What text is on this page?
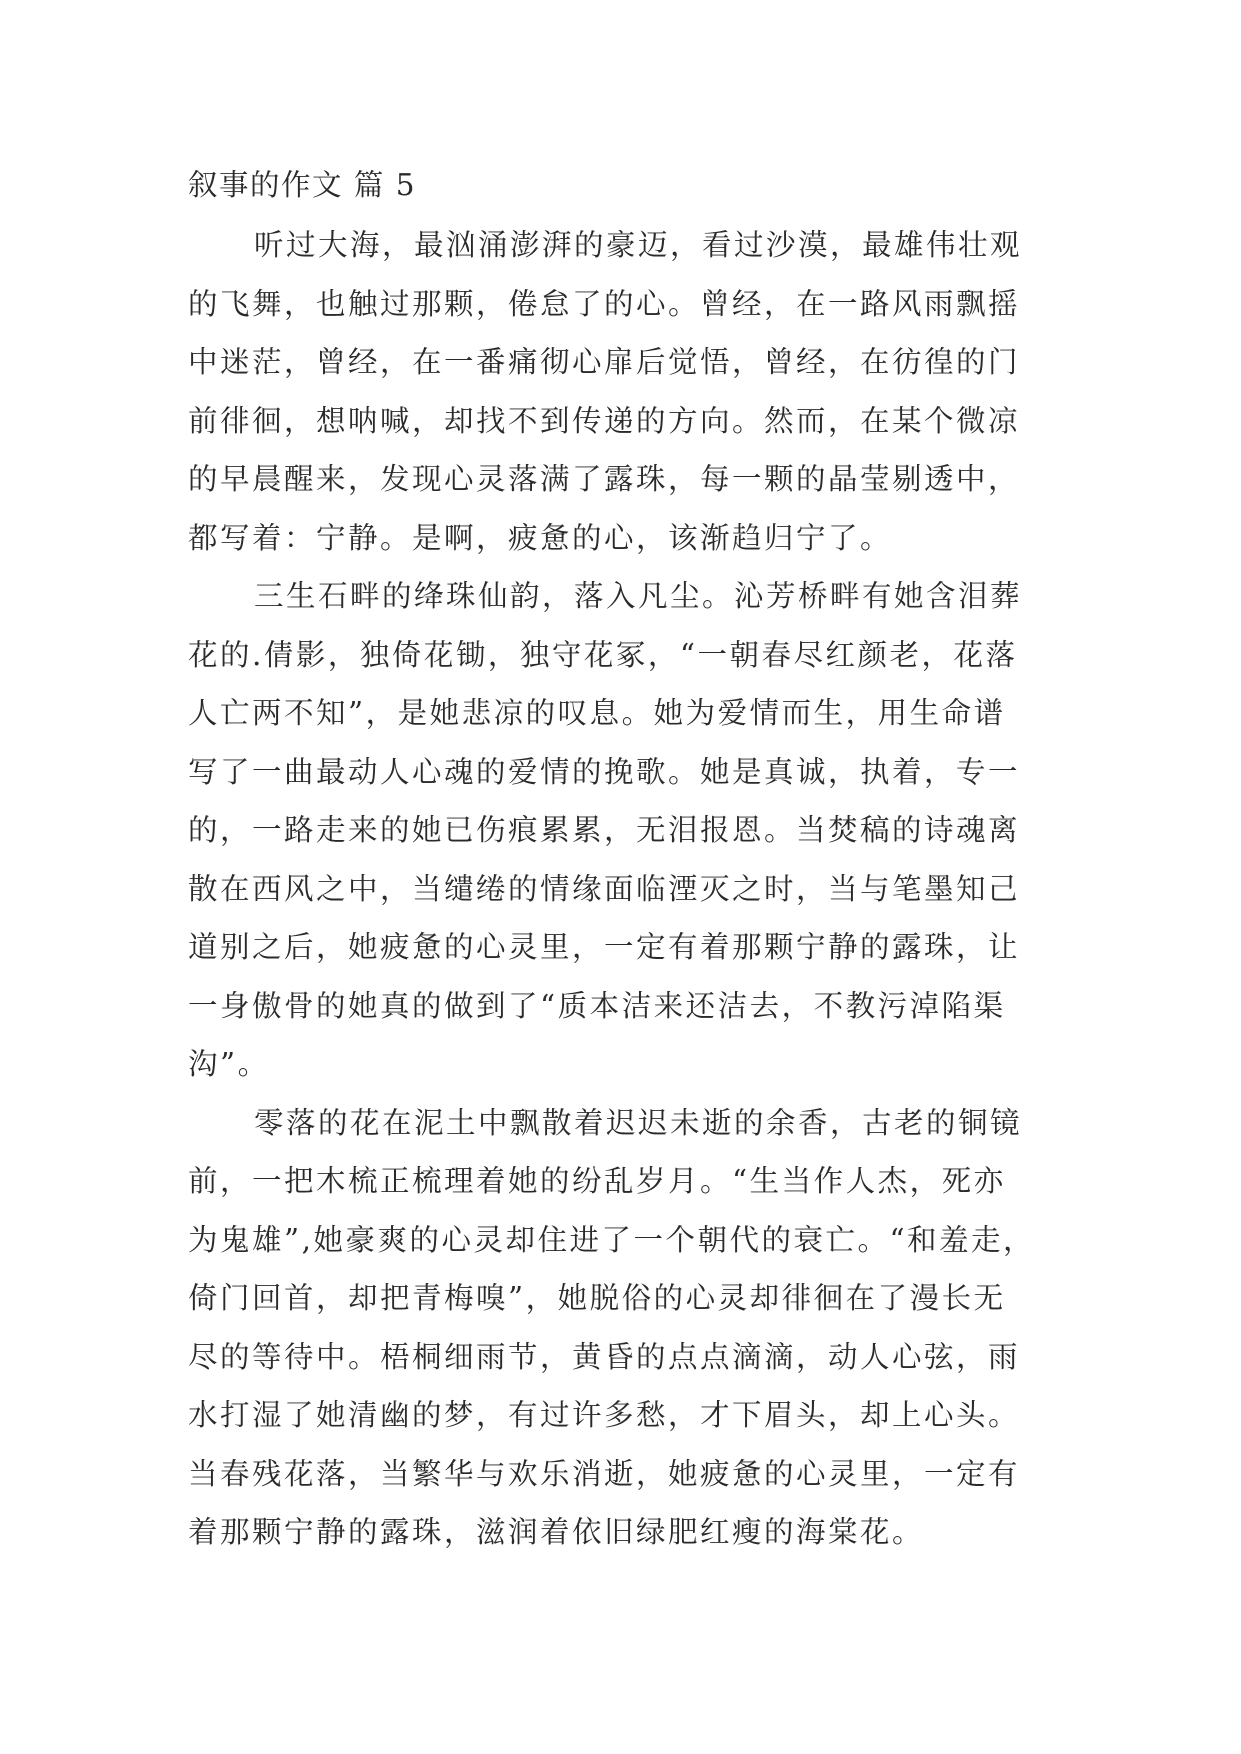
叙事的作文 篇 5
听过大海，最汹涌澎湃的豪迈，看过沙漠，最雄伟壮观
的飞舞，也触过那颗，倦怠了的心。曾经，在一路风雨飘摇
中迷茫，曾经，在一番痛彻心扉后觉悟，曾经，在彷徨的门
前徘徊，想呐喊，却找不到传递的方向。然而，在某个微凉
的早晨醒来，发现心灵落满了露珠，每一颗的晶莹剔透中，
都写着：宁静。是啊，疲惫的心，该渐趋归宁了。
三生石畔的绛珠仙韵，落入凡尘。沁芳桥畔有她含泪葬
花的.倩影，独倚花锄，独守花冢，“一朝春尽红颜老，花落
人亡两不知”，是她悲凉的叹息。她为爱情而生，用生命谱
写了一曲最动人心魂的爱情的挽歌。她是真诚，执着，专一
的，一路走来的她已伤痕累累，无泪报恩。当焚稿的诗魂离
散在西风之中，当缱绻的情缘面临湮灭之时，当与笔墨知己
道别之后，她疲惫的心灵里，一定有着那颗宁静的露珠，让
一身傲骨的她真的做到了“质本洁来还洁去，不教污淖陷渠
沟”。
零落的花在泥土中飘散着迟迟未逝的余香，古老的铜镜
前，一把木梳正梳理着她的纷乱岁月。“生当作人杰，死亦
为鬼雄”,她豪爽的心灵却住进了一个朝代的衰亡。“和羞走，
倚门回首，却把青梅嗅”，她脱俗的心灵却徘徊在了漫长无
尽的等待中。梧桐细雨节，黄昏的点点滴滴，动人心弦，雨
水打湿了她清幽的梦，有过许多愁，才下眉头，却上心头。
当春残花落，当繁华与欢乐消逝，她疲惫的心灵里，一定有
着那颗宁静的露珠，滋润着依旧绿肥红瘦的海棠花。
